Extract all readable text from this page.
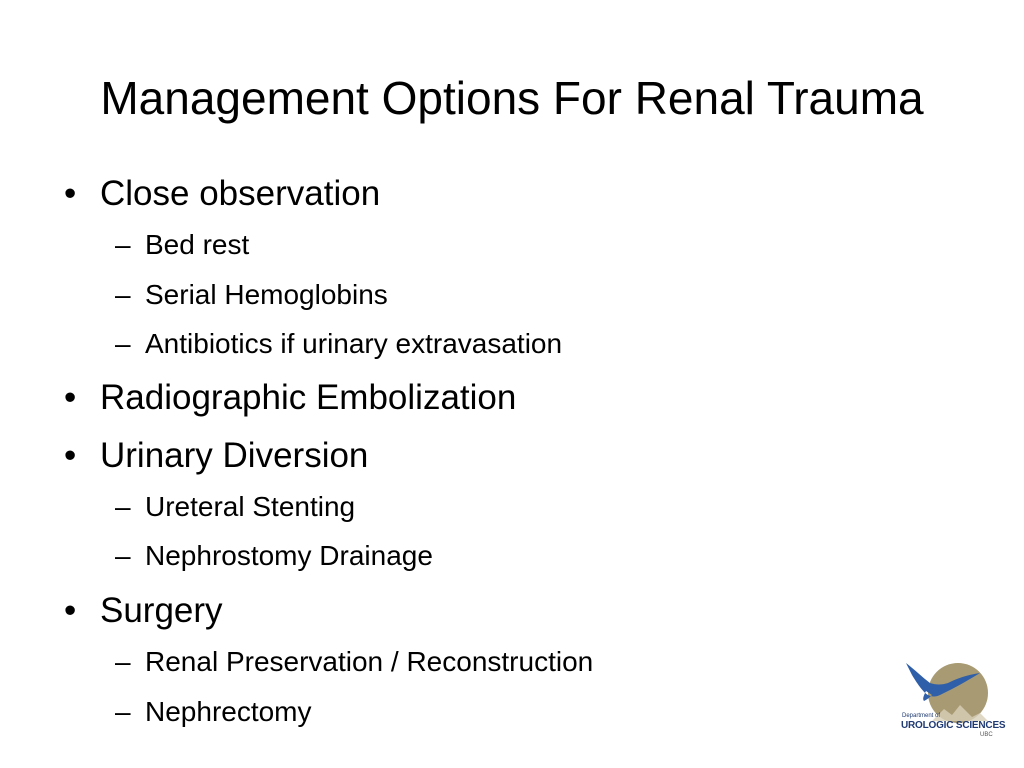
Management Options For Renal Trauma
• Close observation
– Bed rest
– Serial Hemoglobins
– Antibiotics if urinary extravasation
• Radiographic Embolization
• Urinary Diversion
– Ureteral Stenting
– Nephrostomy Drainage
• Surgery
– Renal Preservation / Reconstruction
– Nephrectomy	Department of
UROLOGIC SCIENCES
UBC
